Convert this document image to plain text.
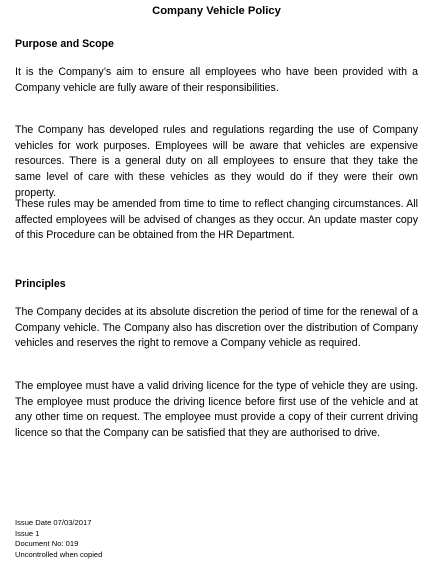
Company Vehicle Policy
Purpose and Scope

It is the Company’s aim to ensure all employees who have been provided with a Company vehicle are fully aware of their responsibilities.

The Company has developed rules and regulations regarding the use of Company vehicles for work purposes. Employees will be aware that vehicles are expensive resources. There is a general duty on all employees to ensure that they take the same level of care with these vehicles as they would do if they were their own property.

These rules may be amended from time to time to reflect changing circumstances. All affected employees will be advised of changes as they occur. An update master copy of this Procedure can be obtained from the HR Department.

Principles

The Company decides at its absolute discretion the period of time for the renewal of a Company vehicle. The Company also has discretion over the distribution of Company vehicles and reserves the right to remove a Company vehicle as required.

The employee must have a valid driving licence for the type of vehicle they are using. The employee must produce the driving licence before first use of the vehicle and at any other time on request. The employee must provide a copy of their current driving licence so that the Company can be satisfied that they are authorised to drive.

Issue Date 07/03/2017
Issue 1
Document No: 019
Uncontrolled when copied
